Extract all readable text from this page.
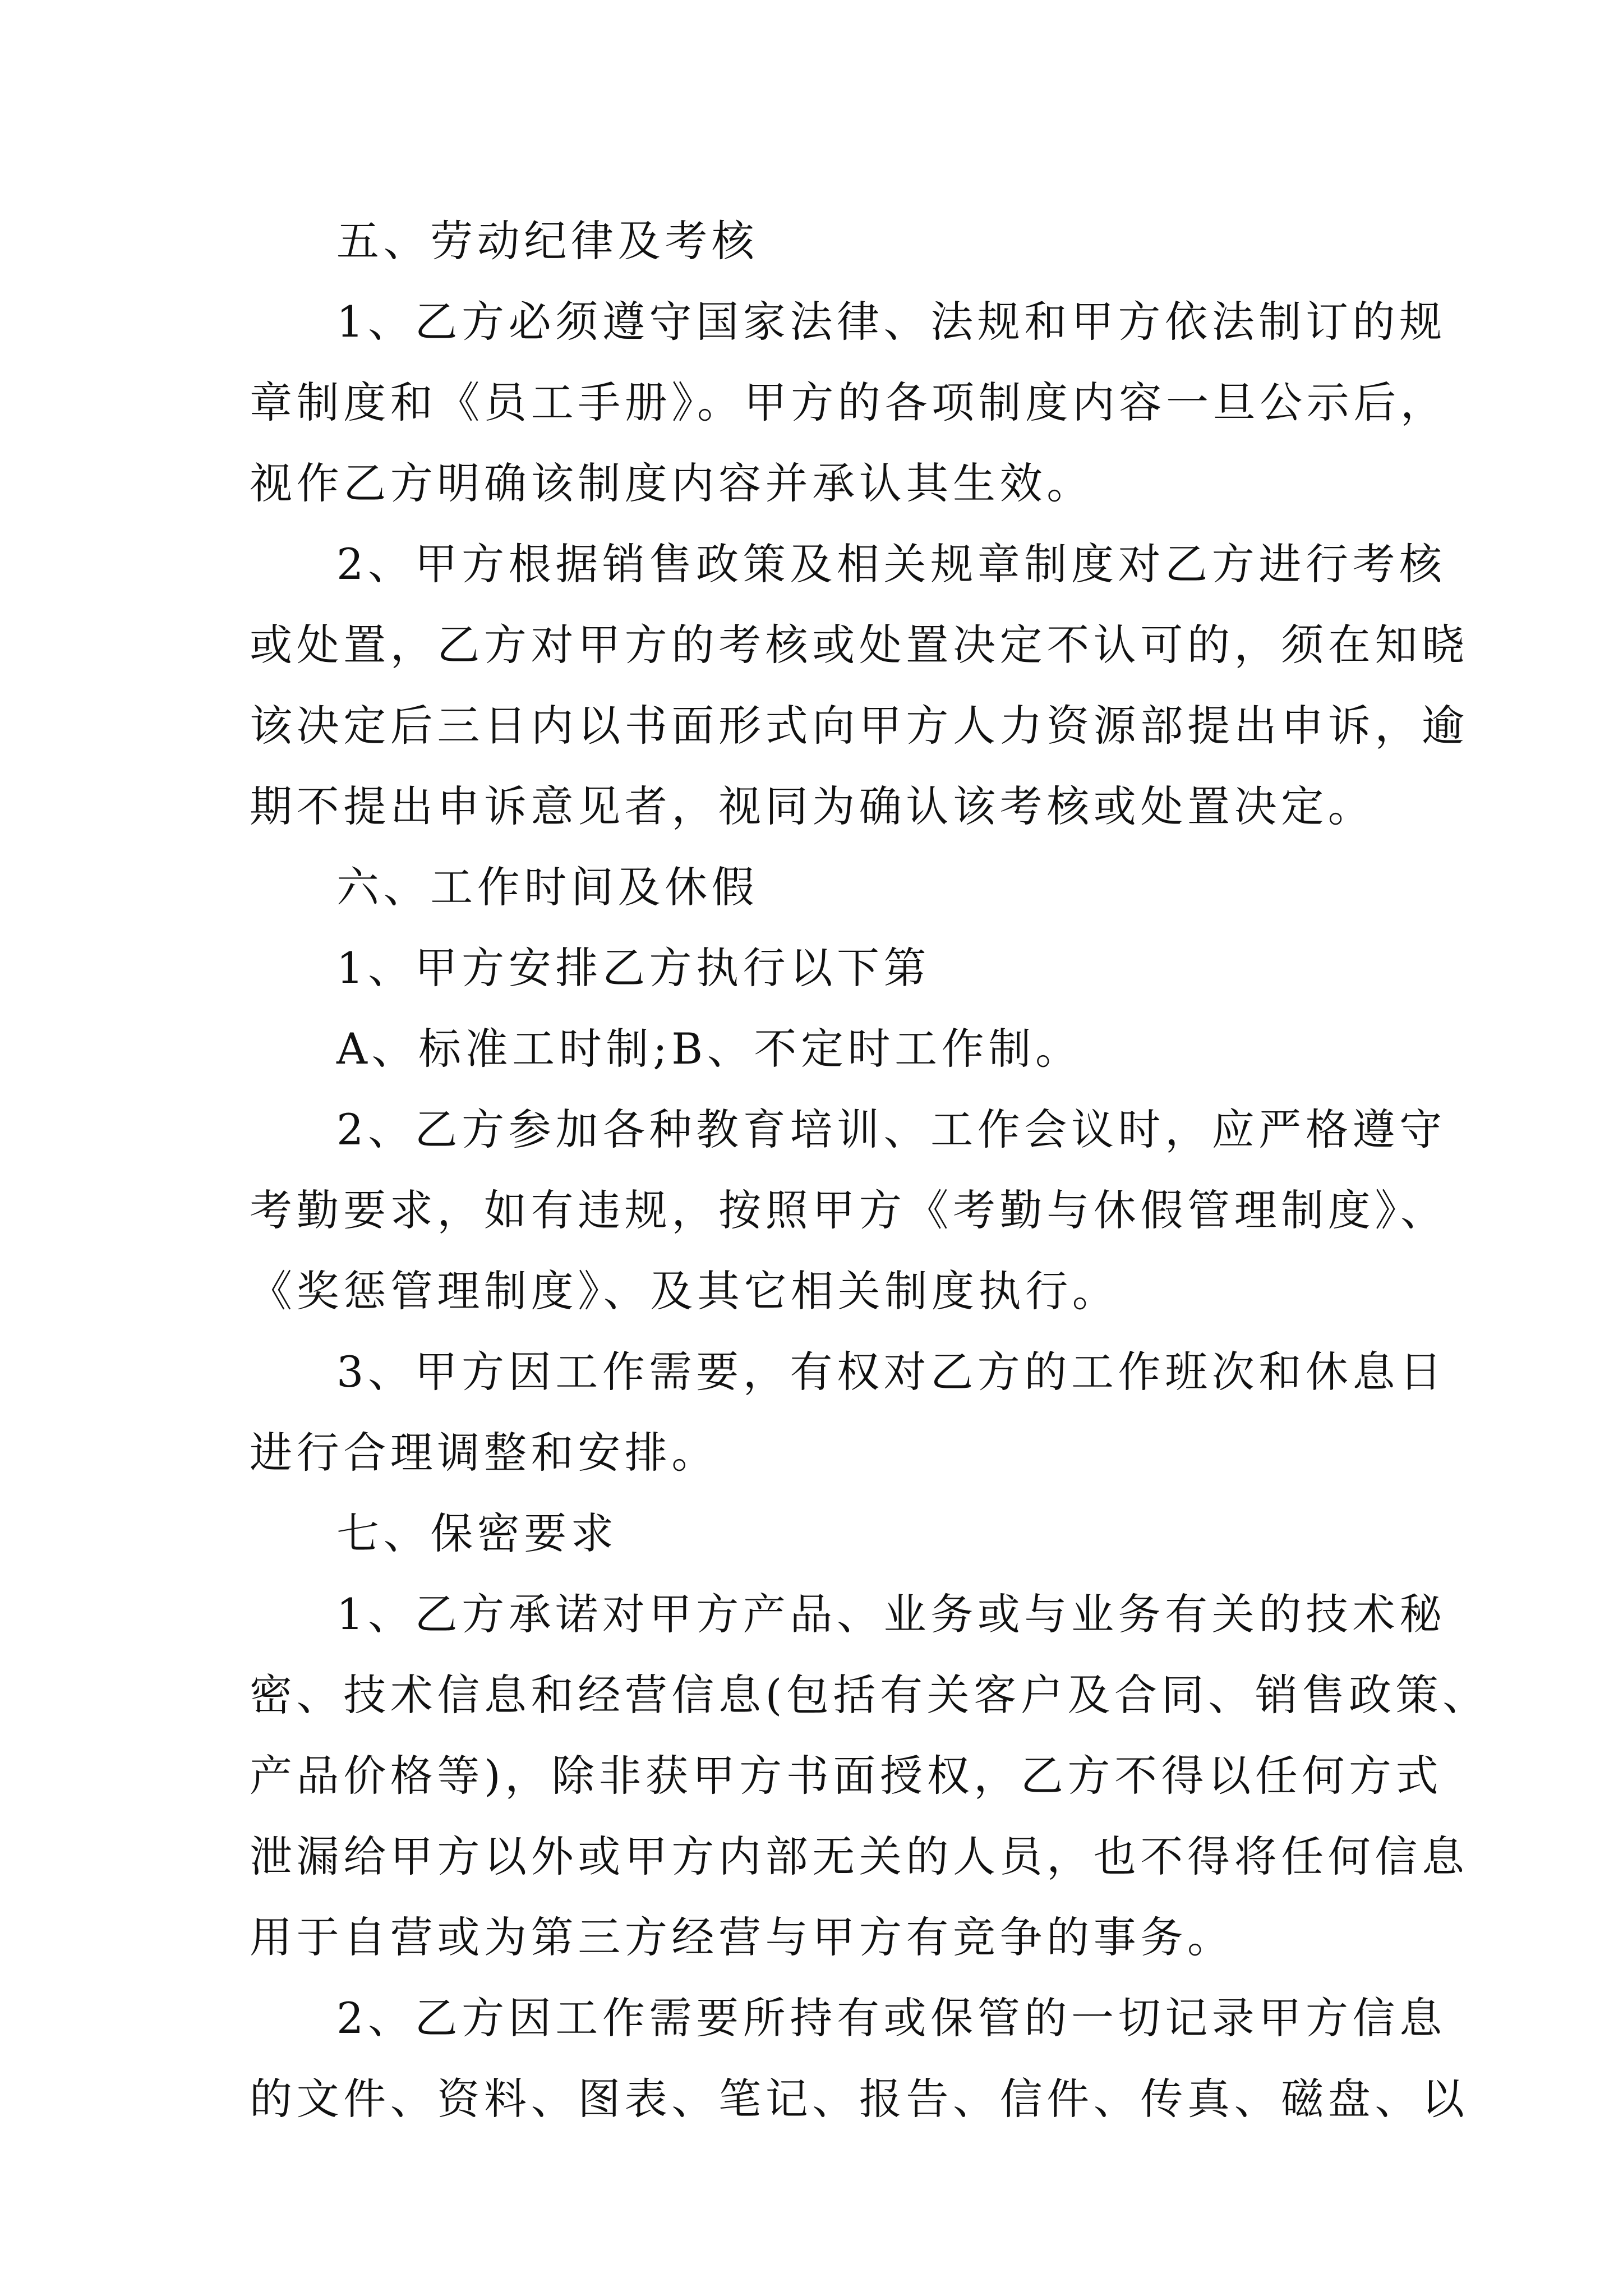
五、劳动纪律及考核
1、乙方必须遵守国家法律、法规和甲方依法制订的规
章制度和《员工手册》。甲方的各项制度内容一旦公示后，
视作乙方明确该制度内容并承认其生效。
2、甲方根据销售政策及相关规章制度对乙方进行考核
或处置，乙方对甲方的考核或处置决定不认可的，须在知晓
该决定后三日内以书面形式向甲方人力资源部提出申诉，逾
期不提出申诉意见者，视同为确认该考核或处置决定。
六、工作时间及休假
1、甲方安排乙方执行以下第
A、标准工时制;B、不定时工作制。
2、乙方参加各种教育培训、工作会议时，应严格遵守
考勤要求，如有违规，按照甲方《考勤与休假管理制度》、
《奖惩管理制度》、及其它相关制度执行。
3、甲方因工作需要，有权对乙方的工作班次和休息日
进行合理调整和安排。
七、保密要求
1、乙方承诺对甲方产品、业务或与业务有关的技术秘
密、技术信息和经营信息(包括有关客户及合同、销售政策、
产品价格等)，除非获甲方书面授权，乙方不得以任何方式
泄漏给甲方以外或甲方内部无关的人员，也不得将任何信息
用于自营或为第三方经营与甲方有竞争的事务。
2、乙方因工作需要所持有或保管的一切记录甲方信息
的文件、资料、图表、笔记、报告、信件、传真、磁盘、以
